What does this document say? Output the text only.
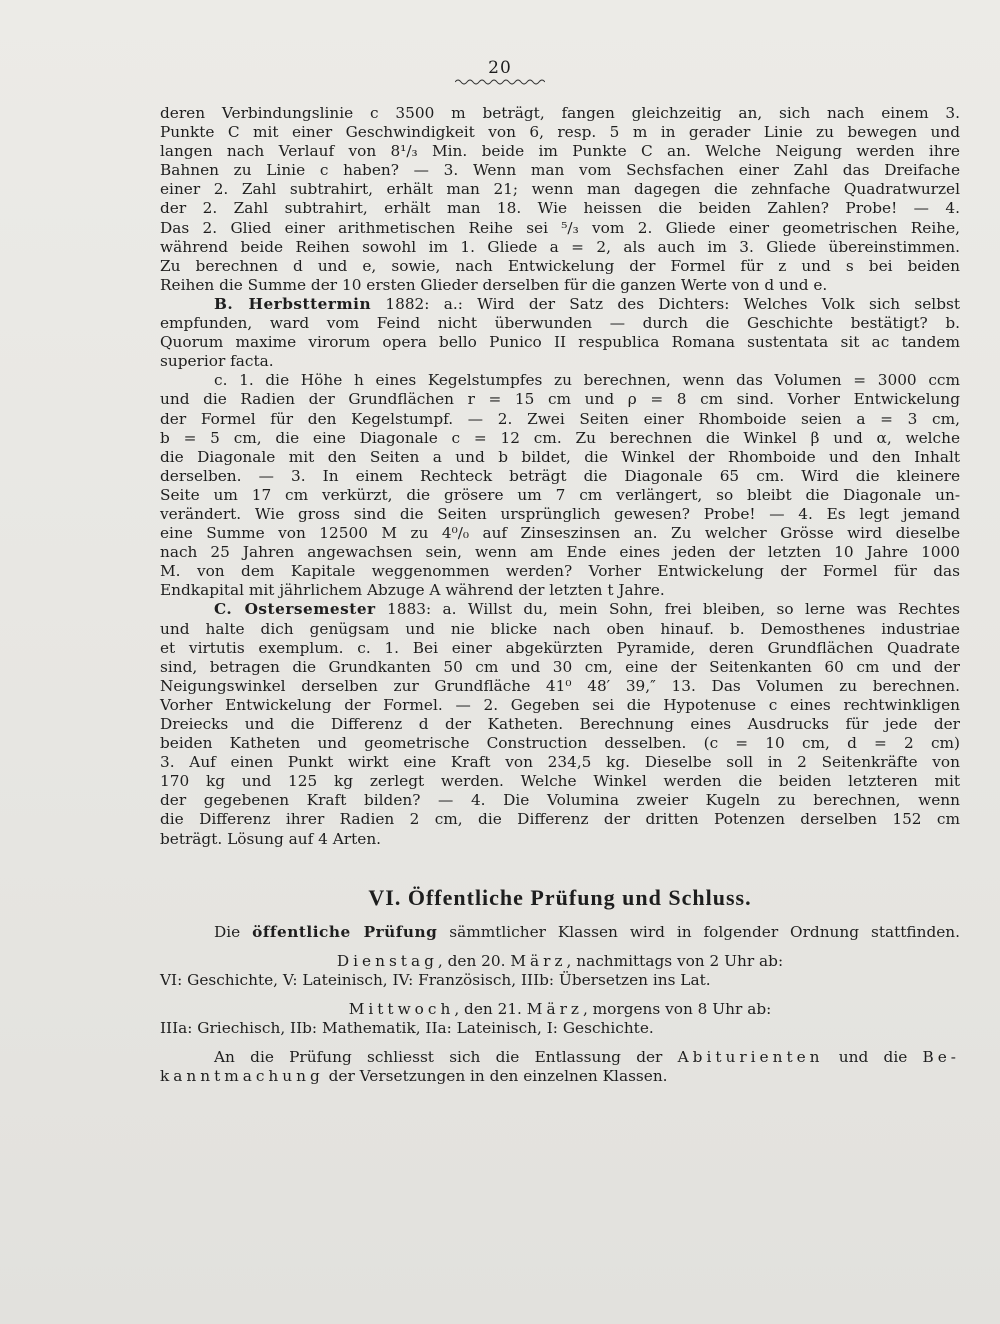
20
deren Verbindungslinie c 3500 m beträgt, fangen gleichzeitig an, sich nach einem 3.
Punkte C mit einer Geschwindigkeit von 6, resp. 5 m in gerader Linie zu bewegen und
langen nach Verlauf von 8¹/₃ Min. beide im Punkte C an. Welche Neigung werden ihre
Bahnen zu Linie c haben? — 3. Wenn man vom Sechsfachen einer Zahl das Dreifache
einer 2. Zahl subtrahirt, erhält man 21; wenn man dagegen die zehnfache Quadratwurzel
der 2. Zahl subtrahirt, erhält man 18. Wie heissen die beiden Zahlen? Probe! — 4.
Das 2. Glied einer arithmetischen Reihe sei ⁵/₃ vom 2. Gliede einer geometrischen Reihe,
während beide Reihen sowohl im 1. Gliede a = 2, als auch im 3. Gliede übereinstimmen.
Zu berechnen d und e, sowie, nach Entwickelung der Formel für z und s bei beiden
Reihen die Summe der 10 ersten Glieder derselben für die ganzen Werte von d und e.
B. Herbsttermin 1882: a.: Wird der Satz des Dichters: Welches Volk sich selbst
empfunden, ward vom Feind nicht überwunden — durch die Geschichte bestätigt? b.
Quorum maxime virorum opera bello Punico II respublica Romana sustentata sit ac tandem
superior facta.
c. 1. die Höhe h eines Kegelstumpfes zu berechnen, wenn das Volumen = 3000 ccm
und die Radien der Grundflächen r = 15 cm und ρ = 8 cm sind. Vorher Entwickelung
der Formel für den Kegelstumpf. — 2. Zwei Seiten einer Rhomboide seien a = 3 cm,
b = 5 cm, die eine Diagonale c = 12 cm. Zu berechnen die Winkel β und α, welche
die Diagonale mit den Seiten a und b bildet, die Winkel der Rhomboide und den Inhalt
derselben. — 3. In einem Rechteck beträgt die Diagonale 65 cm. Wird die kleinere
Seite um 17 cm verkürzt, die grösere um 7 cm verlängert, so bleibt die Diagonale un-
verändert. Wie gross sind die Seiten ursprünglich gewesen? Probe! — 4. Es legt jemand
eine Summe von 12500 M zu 4⁰/₀ auf Zinseszinsen an. Zu welcher Grösse wird dieselbe
nach 25 Jahren angewachsen sein, wenn am Ende eines jeden der letzten 10 Jahre 1000
M. von dem Kapitale weggenommen werden? Vorher Entwickelung der Formel für das
Endkapital mit jährlichem Abzuge A während der letzten t Jahre.
C. Ostersemester 1883: a. Willst du, mein Sohn, frei bleiben, so lerne was Rechtes
und halte dich genügsam und nie blicke nach oben hinauf. b. Demosthenes industriae
et virtutis exemplum. c. 1. Bei einer abgekürzten Pyramide, deren Grundflächen Quadrate
sind, betragen die Grundkanten 50 cm und 30 cm, eine der Seitenkanten 60 cm und der
Neigungswinkel derselben zur Grundfläche 41⁰ 48′ 39,″ 13. Das Volumen zu berechnen.
Vorher Entwickelung der Formel. — 2. Gegeben sei die Hypotenuse c eines rechtwinkligen
Dreiecks und die Differenz d der Katheten. Berechnung eines Ausdrucks für jede der
beiden Katheten und geometrische Construction desselben. (c = 10 cm, d = 2 cm)
3. Auf einen Punkt wirkt eine Kraft von 234,5 kg. Dieselbe soll in 2 Seitenkräfte von
170 kg und 125 kg zerlegt werden. Welche Winkel werden die beiden letzteren mit
der gegebenen Kraft bilden? — 4. Die Volumina zweier Kugeln zu berechnen, wenn
die Differenz ihrer Radien 2 cm, die Differenz der dritten Potenzen derselben 152 cm
beträgt. Lösung auf 4 Arten.
VI. Öffentliche Prüfung und Schluss.
Die öffentliche Prüfung sämmtlicher Klassen wird in folgender Ordnung stattfinden.
Dienstag, den 20. März, nachmittags von 2 Uhr ab:
VI: Geschichte, V: Lateinisch, IV: Französisch, IIIb: Übersetzen ins Lat.
Mittwoch, den 21. März, morgens von 8 Uhr ab:
IIIa: Griechisch, IIb: Mathematik, IIa: Lateinisch, I: Geschichte.
An die Prüfung schliesst sich die Entlassung der Abiturienten und die Be-
kanntmachung der Versetzungen in den einzelnen Klassen.
